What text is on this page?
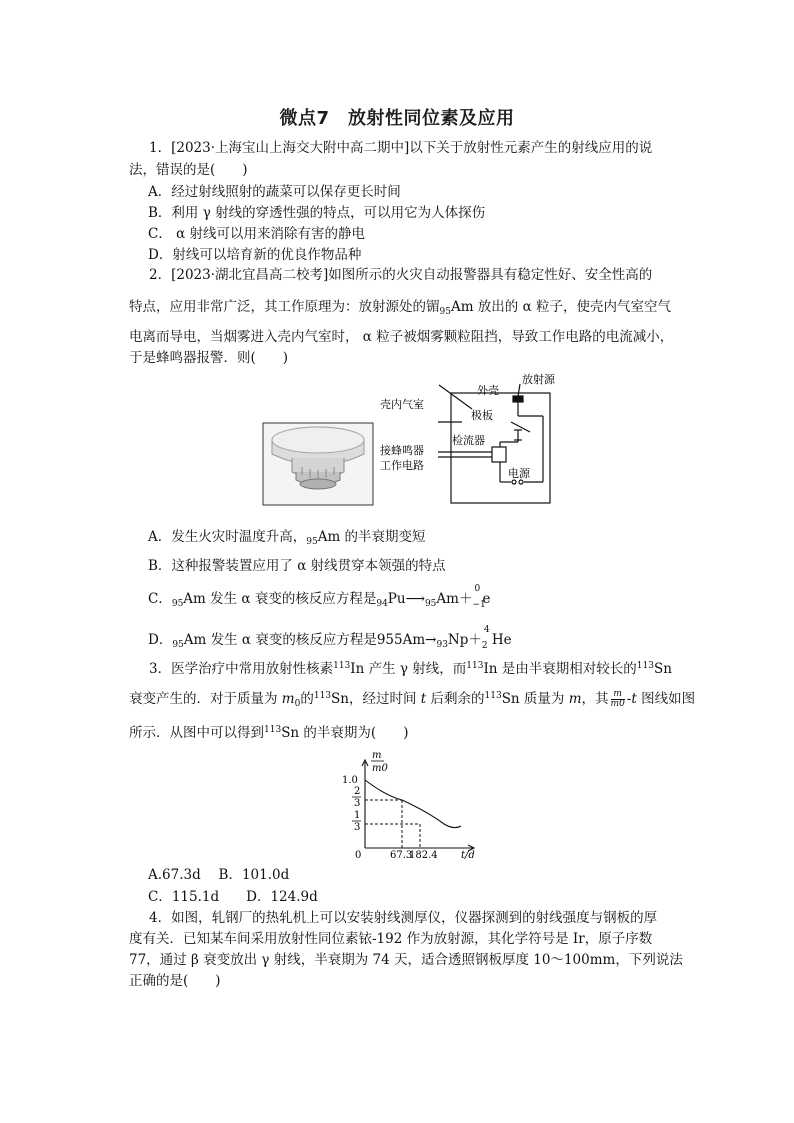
微点7　放射性同位素及应用
1．[2023·上海宝山上海交大附中高二期中]以下关于放射性元素产生的射线应用的说
法，错误的是(　　)
A．经过射线照射的蔬菜可以保存更长时间
B．利用 γ 射线的穿透性强的特点，可以用它为人体探伤
C． α 射线可以用来消除有害的静电
D．射线可以培育新的优良作物品种
2．[2023·湖北宜昌高二校考]如图所示的火灾自动报警器具有稳定性好、安全性高的
特点，应用非常广泛，其工作原理为：放射源处的镅$_{95}$Am 放出的 α 粒子，使壳内气室空气
电离而导电，当烟雾进入壳内气室时， α 粒子被烟雾颗粒阻挡，导致工作电路的电流减小，
于是蜂鸣器报警．则(　　)
外壳
放射源
壳内气室
极板
检流器
接蜂鸣器
工作电路
电源
A．发生火灾时温度升高，$_{95}$Am 的半衰期变短
B．这种报警装置应用了 α 射线贯穿本领强的特点
C．$_{95}$Am 发生 α 衰变的核反应方程是$_{94}Pu⟶_{95}Am+$
0
−1
e
D．$_{95}$Am 发生 α 衰变的核反应方程是$955Am\to_{93}Np+$
4
2 He
3．医学治疗中常用放射性核素$^{113}$In 产生 γ 射线，而$^{113}$In 是由半衰期相对较长的$^{113}$Sn
衰变产生的．对于质量为 $m_0$的$^{113}$Sn，经过时间 t 后剩余的$^{113}$Sn 质量为 m，其 $\frac{m}{m0} -t$ 图线如图
所示．从图中可以得到$^{113}$Sn 的半衰期为(　　)
m
m0
1.0
2
3
1
3
0	67.3
182.4 t/d
A.67.3d　 B．101.0d
C．115.1d　　D．124.9d
4．如图，轧钢厂的热轧机上可以安装射线测厚仪，仪器探测到的射线强度与钢板的厚
度有关．已知某车间采用放射性同位素铱-192 作为放射源，其化学符号是 Ir，原子序数
77，通过 β 衰变放出 γ 射线，半衰期为 74 天，适合透照钢板厚度 10～100mm，下列说法
正确的是(　　)
